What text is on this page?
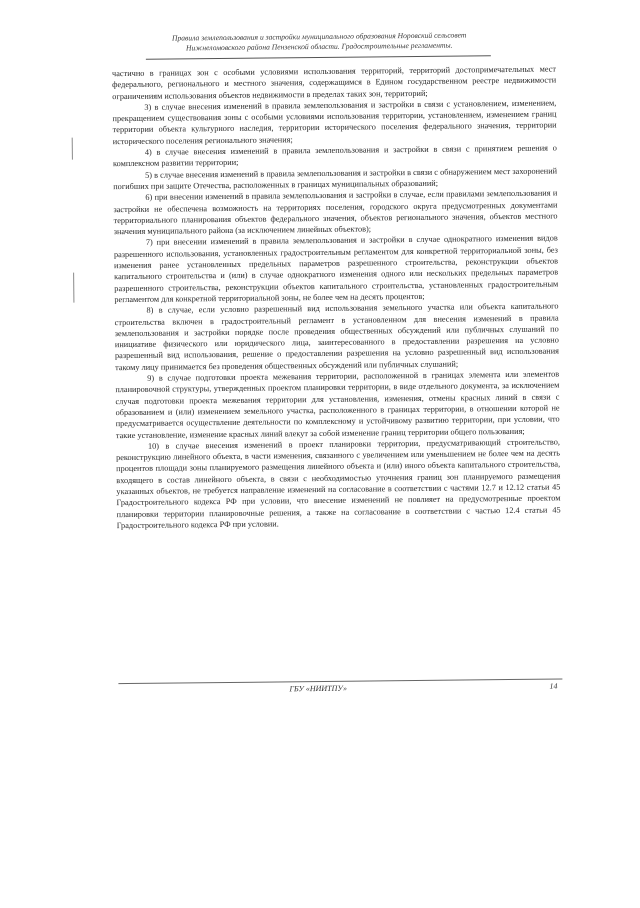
Правила землепользования и застройки муниципального образования Норовский сельсовет
Нижнеломовского района Пензенской области. Градостроительные регламенты.

частично в границах зон с особыми условиями использования территорий, территорий достопримечательных мест федерального, регионального и местного значения, содержащимся в Едином государственном реестре недвижимости ограничениям использования объектов недвижимости в пределах таких зон, территорий;

3) в случае внесения изменений в правила землепользования и застройки в связи с установлением, изменением, прекращением существования зоны с особыми условиями использования территории, установлением, изменением границ территории объекта культурного наследия, территории исторического поселения федерального значения, территории исторического поселения регионального значения;

4) в случае внесения изменений в правила землепользования и застройки в связи с принятием решения о комплексном развитии территории;

5) в случае внесения изменений в правила землепользования и застройки в связи с обнаружением мест захоронений погибших при защите Отечества, расположенных в границах муниципальных образований;

6) при внесении изменений в правила землепользования и застройки в случае, если правилами землепользования и застройки не обеспечена возможность на территориях поселения, городского округа предусмотренных документами территориального планирования объектов федерального значения, объектов регионального значения, объектов местного значения муниципального района (за исключением линейных объектов);

7) при внесении изменений в правила землепользования и застройки в случае однократного изменения видов разрешенного использования, установленных градостроительным регламентом для конкретной территориальной зоны, без изменения ранее установленных предельных параметров разрешенного строительства, реконструкции объектов капитального строительства и (или) в случае однократного изменения одного или нескольких предельных параметров разрешенного строительства, реконструкции объектов капитального строительства, установленных градостроительным регламентом для конкретной территориальной зоны, не более чем на десять процентов;

8) в случае, если условно разрешенный вид использования земельного участка или объекта капитального строительства включен в градостроительный регламент в установленном для внесения изменений в правила землепользования и застройки порядке после проведения общественных обсуждений или публичных слушаний по инициативе физического или юридического лица, заинтересованного в предоставлении разрешения на условно разрешенный вид использования, решение о предоставлении разрешения на условно разрешенный вид использования такому лицу принимается без проведения общественных обсуждений или публичных слушаний;

9) в случае подготовки проекта межевания территории, расположенной в границах элемента или элементов планировочной структуры, утвержденных проектом планировки территории, в виде отдельного документа, за исключением случая подготовки проекта межевания территории для установления, изменения, отмены красных линий в связи с образованием и (или) изменением земельного участка, расположенного в границах территории, в отношении которой не предусматривается осуществление деятельности по комплексному и устойчивому развитию территории, при условии, что такие установление, изменение красных линий влекут за собой изменение границ территории общего пользования;

10) в случае внесения изменений в проект планировки территории, предусматривающий строительство, реконструкцию линейного объекта, в части изменения, связанного с увеличением или уменьшением не более чем на десять процентов площади зоны планируемого размещения линейного объекта и (или) иного объекта капитального строительства, входящего в состав линейного объекта, в связи с необходимостью уточнения границ зон планируемого размещения указанных объектов, не требуется направление изменений на согласование в соответствии с частями 12.7 и 12.12 статьи 45 Градостроительного кодекса РФ при условии, что внесение изменений не повлияет на предусмотренные проектом планировки территории планировочные решения, а также на согласование в соответствии с частью 12.4 статьи 45 Градостроительного кодекса РФ при условии.

ГБУ «НИИТПУ»	14
